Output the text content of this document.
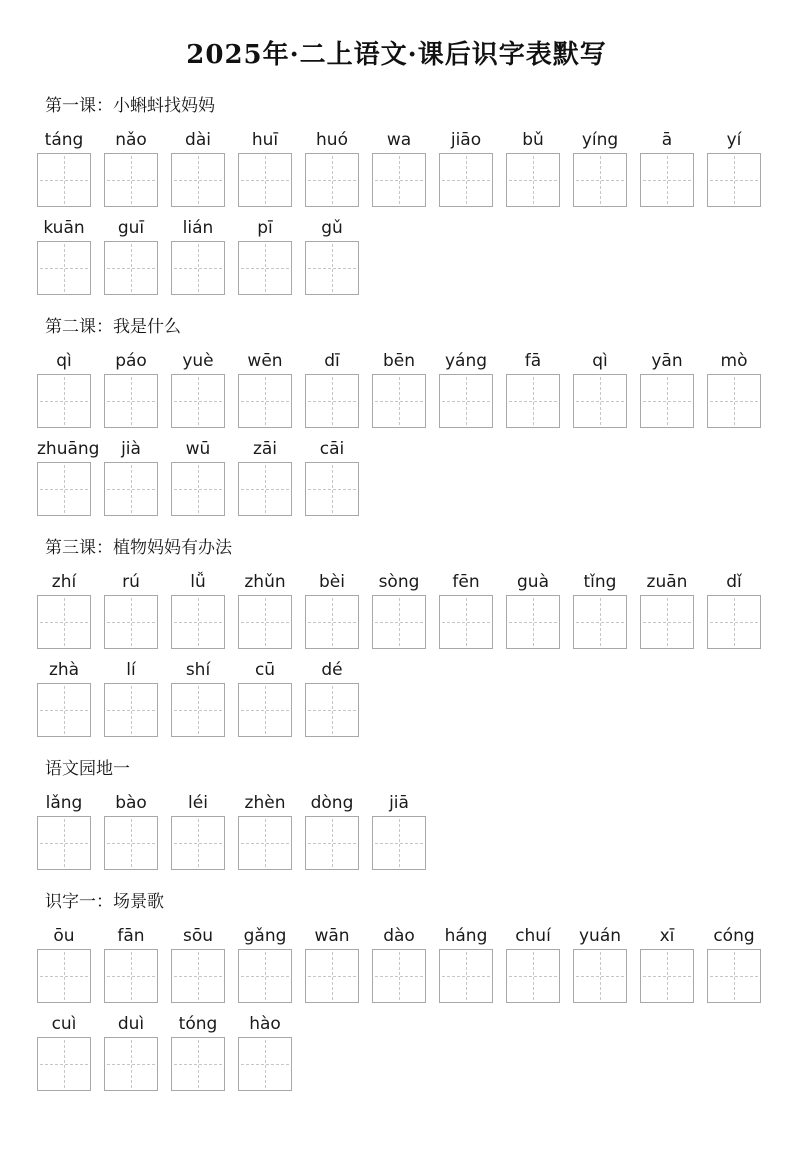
2025年·二上语文·课后识字表默写
第一课：小蝌蚪找妈妈
táng	nǎo	dài	huī	huó	wa	jiāo	bǔ	yíng	ā	yí
kuān	guī	lián	pī	gǔ
第二课：我是什么
qì	páo	yuè	wēn	dī	bēn	yáng	fā	qì	yān	mò
zhuāng	jià	wū	zāi	cāi
第三课：植物妈妈有办法
zhí	rú	lǚ	zhǔn	bèi	sòng	fēn	guà	tǐng	zuān	dǐ
zhà	lí	shí	cū	dé
语文园地一
lǎng	bào	léi	zhèn	dòng	jiā
识字一：场景歌
ōu	fān	sōu	gǎng	wān	dào	háng	chuí	yuán	xī	cóng
cuì	duì	tóng	hào
